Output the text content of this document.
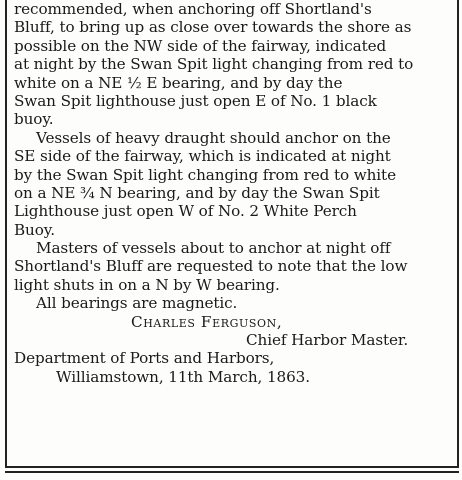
recommended, when anchoring off Shortland's
Bluff, to bring up as close over towards the shore as
possible on the NW side of the fairway, indicated
at night by the Swan Spit light changing from red to
white on a NE ½ E bearing, and by day the
Swan Spit lighthouse just open E of No. 1 black
buoy.
Vessels of heavy draught should anchor on the
SE side of the fairway, which is indicated at night
by the Swan Spit light changing from red to white
on a NE ¾ N bearing, and by day the Swan Spit
Lighthouse just open W of No. 2 White Perch
Buoy.
Masters of vessels about to anchor at night off
Shortland's Bluff are requested to note that the low
light shuts in on a N by W bearing.
All bearings are magnetic.
Charles Ferguson,
Chief Harbor Master.
Department of Ports and Harbors,
Williamstown, 11th March, 1863.
